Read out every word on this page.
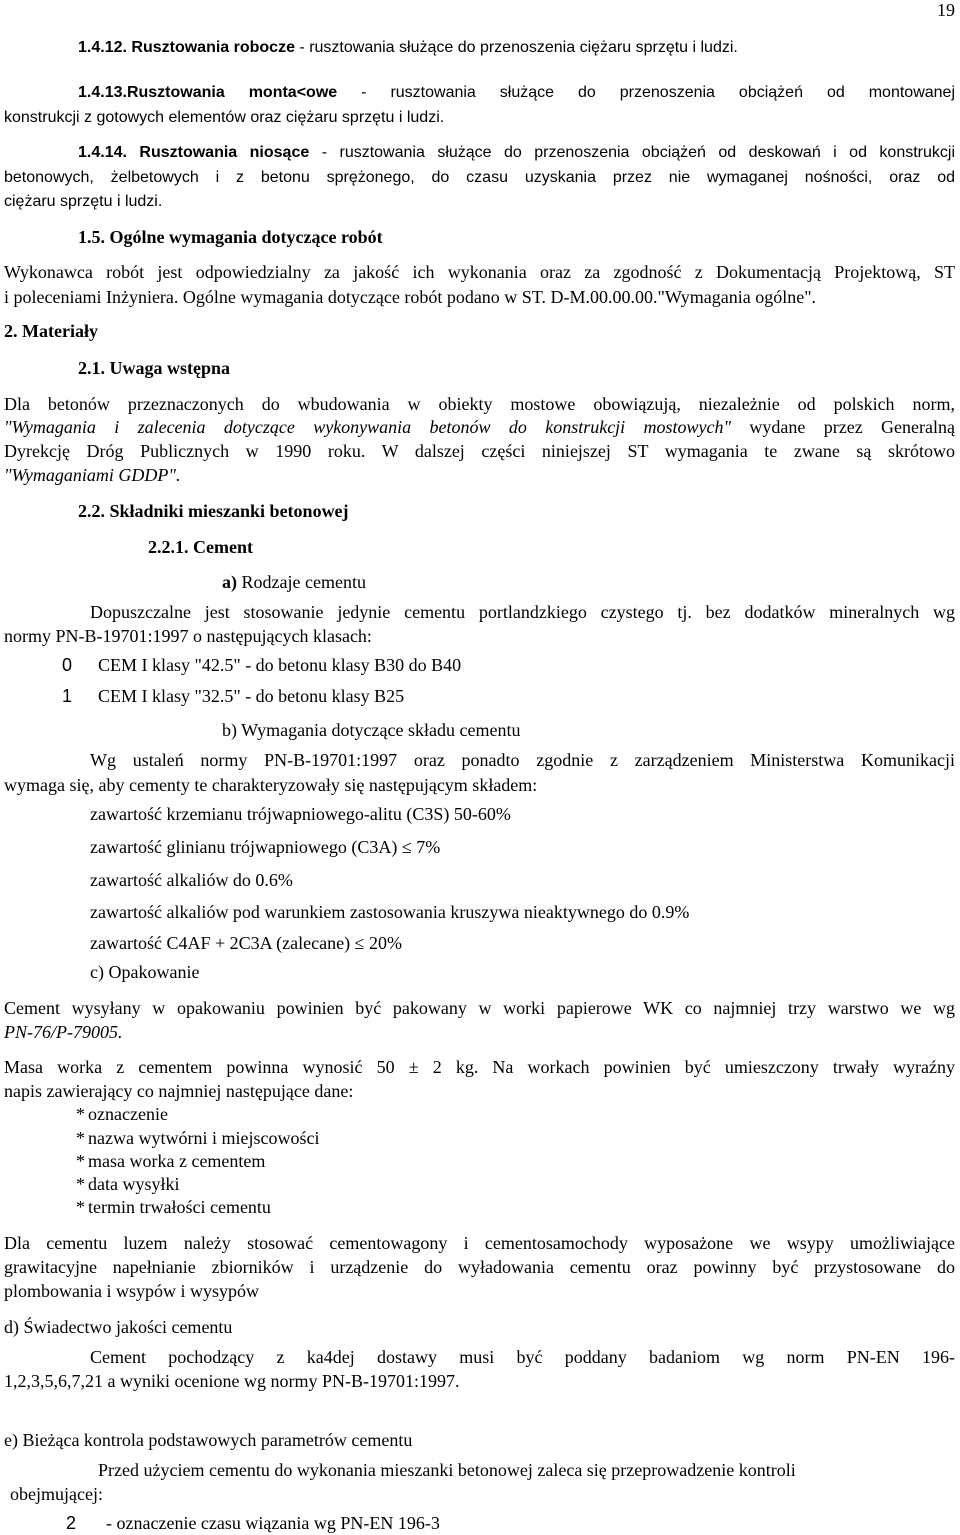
19
1.4.12. Rusztowania robocze - rusztowania służące do przenoszenia ciężaru sprzętu i ludzi.
1.4.13.Rusztowania monta<owe - rusztowania służące do przenoszenia obciążeń od montowanej
konstrukcji z gotowych elementów oraz ciężaru sprzętu i ludzi.
1.4.14. Rusztowania niosące - rusztowania służące do przenoszenia obciążeń od deskowań i od konstrukcji
betonowych, żelbetowych i z betonu sprężonego, do czasu uzyskania przez nie wymaganej nośności, oraz od
ciężaru sprzętu i ludzi.
1.5. Ogólne wymagania dotyczące robót
Wykonawca robót jest odpowiedzialny za jakość ich wykonania oraz za zgodność z Dokumentacją Projektową, ST
i poleceniami Inżyniera. Ogólne wymagania dotyczące robót podano w ST. D-M.00.00.00."Wymagania ogólne".
2. Materiały
2.1. Uwaga wstępna
Dla betonów przeznaczonych do wbudowania w obiekty mostowe obowiązują, niezależnie od polskich norm,
"Wymagania i zalecenia dotyczące wykonywania betonów do konstrukcji mostowych" wydane przez Generalną
Dyrekcję Dróg Publicznych w 1990 roku. W dalszej części niniejszej ST wymagania te zwane są skrótowo
"Wymaganiami GDDP".
2.2. Składniki mieszanki betonowej
2.2.1. Cement
a) Rodzaje cementu
Dopuszczalne jest stosowanie jedynie cementu portlandzkiego czystego tj. bez dodatków mineralnych wg
normy PN-B-19701:1997 o następujących klasach:
0 CEM I klasy "42.5" - do betonu klasy B30 do B40
1 CEM I klasy "32.5" - do betonu klasy B25
b) Wymagania dotyczące składu cementu
Wg ustaleń normy PN-B-19701:1997 oraz ponadto zgodnie z zarządzeniem Ministerstwa Komunikacji
wymaga się, aby cementy te charakteryzowały się następującym składem:
zawartość krzemianu trójwapniowego-alitu (C3S) 50-60%
zawartość glinianu trójwapniowego (C3A) ≤ 7%
zawartość alkaliów do 0.6%
zawartość alkaliów pod warunkiem zastosowania kruszywa nieaktywnego do 0.9%
zawartość C4AF + 2C3A (zalecane) ≤ 20%
c) Opakowanie
Cement wysyłany w opakowaniu powinien być pakowany w worki papierowe WK co najmniej trzy warstwo we wg
PN-76/P-79005.
Masa worka z cementem powinna wynosić 50 ± 2 kg. Na workach powinien być umieszczony trwały wyraźny
napis zawierający co najmniej następujące dane:
* oznaczenie
* nazwa wytwórni i miejscowości
* masa worka z cementem
* data wysyłki
* termin trwałości cementu
Dla cementu luzem należy stosować cementowagony i cementosamochody wyposażone we wsypy umożliwiające
grawitacyjne napełnianie zbiorników i urządzenie do wyładowania cementu oraz powinny być przystosowane do
plombowania i wsypów i wysypów
d) Świadectwo jakości cementu
Cement pochodzący z ka4dej dostawy musi być poddany badaniom wg norm PN-EN 196-
1,2,3,5,6,7,21 a wyniki ocenione wg normy PN-B-19701:1997.
e) Bieżąca kontrola podstawowych parametrów cementu
Przed użyciem cementu do wykonania mieszanki betonowej zaleca się przeprowadzenie kontroli
obejmującej:
2 - oznaczenie czasu wiązania wg PN-EN 196-3
